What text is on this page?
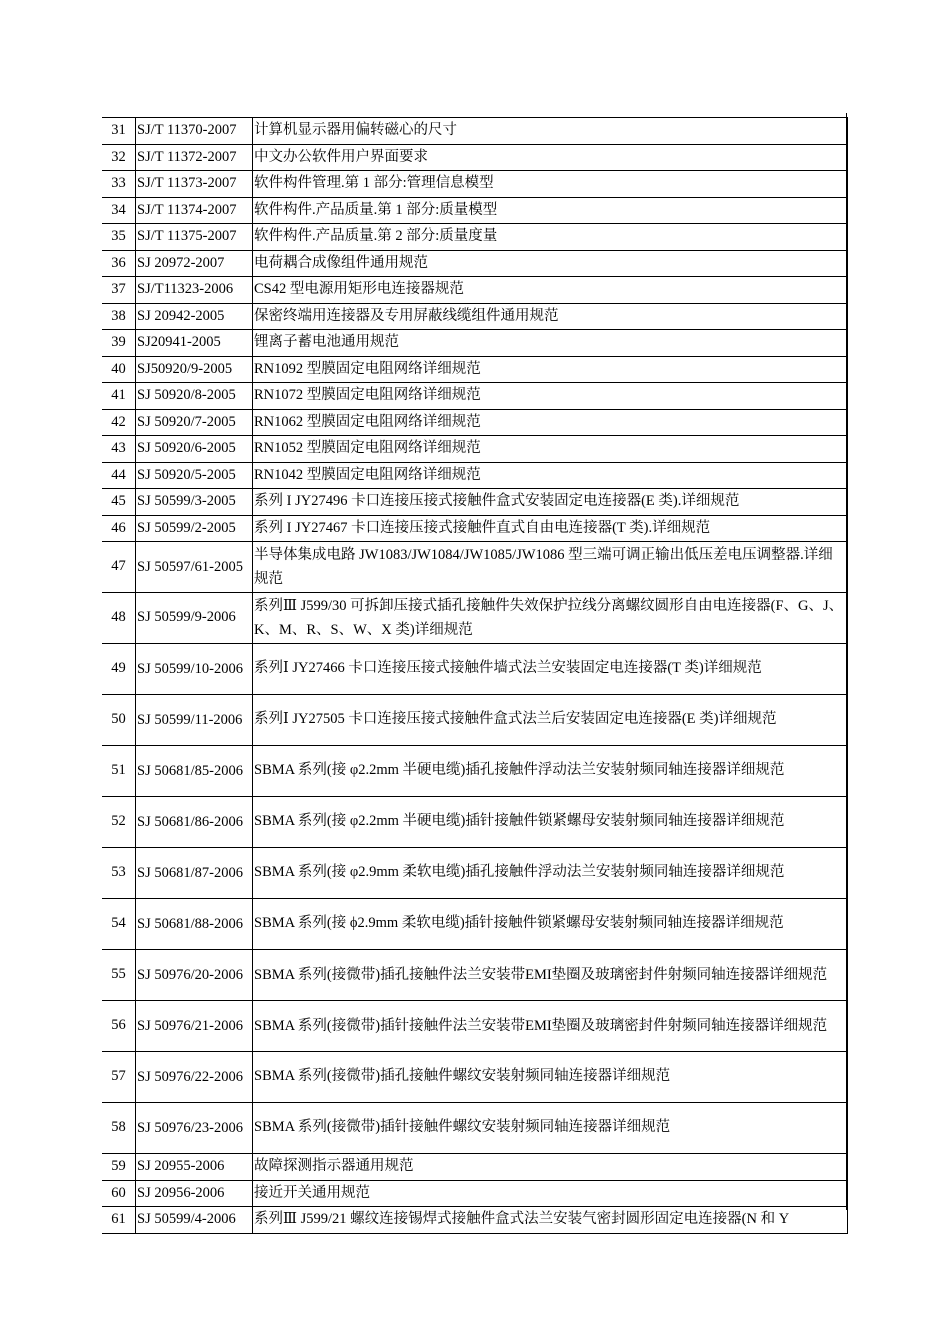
31	SJ/T 11370-2007	计算机显示器用偏转磁心的尺寸
32	SJ/T 11372-2007	中文办公软件用户界面要求
33	SJ/T 11373-2007	软件构件管理.第 1 部分:管理信息模型
34	SJ/T 11374-2007	软件构件.产品质量.第 1 部分:质量模型
35	SJ/T 11375-2007	软件构件.产品质量.第 2 部分:质量度量
36	SJ 20972-2007	电荷耦合成像组件通用规范
37	SJ/T11323-2006	CS42 型电源用矩形电连接器规范
38	SJ 20942-2005	保密终端用连接器及专用屏蔽线缆组件通用规范
39	SJ20941-2005	锂离子蓄电池通用规范
40	SJ50920/9-2005	RN1092 型膜固定电阻网络详细规范
41	SJ 50920/8-2005	RN1072 型膜固定电阻网络详细规范
42	SJ 50920/7-2005	RN1062 型膜固定电阻网络详细规范
43	SJ 50920/6-2005	RN1052 型膜固定电阻网络详细规范
44	SJ 50920/5-2005	RN1042 型膜固定电阻网络详细规范
45	SJ 50599/3-2005	系列 I JY27496 卡口连接压接式接触件盒式安装固定电连接器(E 类).详细规范
46	SJ 50599/2-2005	系列 I JY27467 卡口连接压接式接触件直式自由电连接器(T 类).详细规范
47	SJ 50597/61-2005	半导体集成电路 JW1083/JW1084/JW1085/JW1086 型三端可调正输出低压差电压调整器.详细规范
48	SJ 50599/9-2006	系列Ⅲ J599/30 可拆卸压接式插孔接触件失效保护拉线分离螺纹圆形自由电连接器(F、G、J、K、M、R、S、W、X 类)详细规范
49	SJ 50599/10-2006	系列Ⅰ JY27466 卡口连接压接式接触件墙式法兰安装固定电连接器(T 类)详细规范
50	SJ 50599/11-2006	系列Ⅰ JY27505 卡口连接压接式接触件盒式法兰后安装固定电连接器(E 类)详细规范
51	SJ 50681/85-2006	SBMA 系列(接 φ2.2mm 半硬电缆)插孔接触件浮动法兰安装射频同轴连接器详细规范
52	SJ 50681/86-2006	SBMA 系列(接 φ2.2mm 半硬电缆)插针接触件锁紧螺母安装射频同轴连接器详细规范
53	SJ 50681/87-2006	SBMA 系列(接 φ2.9mm 柔软电缆)插孔接触件浮动法兰安装射频同轴连接器详细规范
54	SJ 50681/88-2006	SBMA 系列(接 ϕ2.9mm 柔软电缆)插针接触件锁紧螺母安装射频同轴连接器详细规范
55	SJ 50976/20-2006	SBMA 系列(接微带)插孔接触件法兰安装带EMI垫圈及玻璃密封件射频同轴连接器详细规范
56	SJ 50976/21-2006	SBMA 系列(接微带)插针接触件法兰安装带EMI垫圈及玻璃密封件射频同轴连接器详细规范
57	SJ 50976/22-2006	SBMA 系列(接微带)插孔接触件螺纹安装射频同轴连接器详细规范
58	SJ 50976/23-2006	SBMA 系列(接微带)插针接触件螺纹安装射频同轴连接器详细规范
59	SJ 20955-2006	故障探测指示器通用规范
60	SJ 20956-2006	接近开关通用规范
61	SJ 50599/4-2006	系列Ⅲ J599/21 螺纹连接锡焊式接触件盒式法兰安装气密封圆形固定电连接器(N 和 Y
